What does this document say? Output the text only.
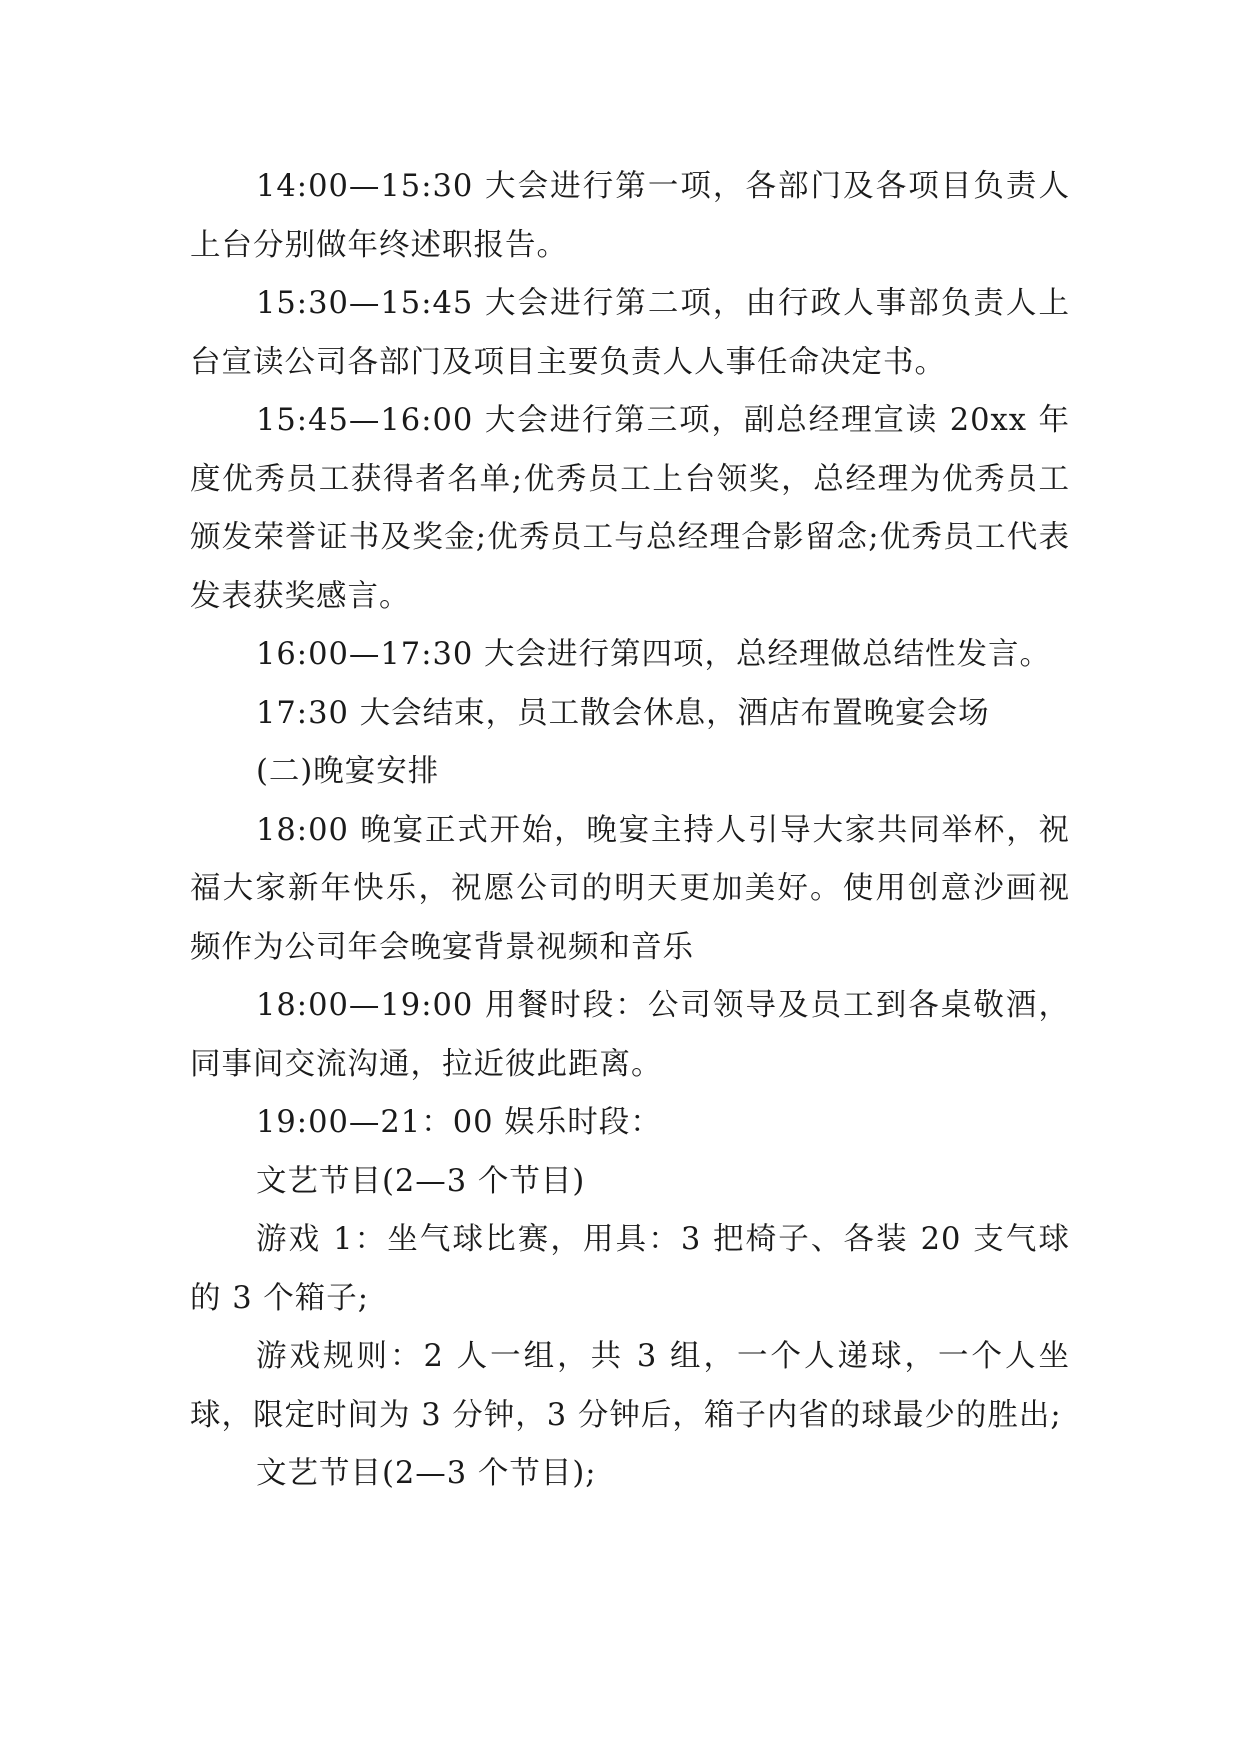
14:00—15:30 大会进行第一项，各部门及各项目负责人上台分别做年终述职报告。

15:30—15:45 大会进行第二项，由行政人事部负责人上台宣读公司各部门及项目主要负责人人事任命决定书。

15:45—16:00 大会进行第三项，副总经理宣读 20xx 年度优秀员工获得者名单;优秀员工上台领奖，总经理为优秀员工颁发荣誉证书及奖金;优秀员工与总经理合影留念;优秀员工代表发表获奖感言。

16:00—17:30 大会进行第四项，总经理做总结性发言。

17:30 大会结束，员工散会休息，酒店布置晚宴会场

(二)晚宴安排

18:00 晚宴正式开始，晚宴主持人引导大家共同举杯，祝福大家新年快乐，祝愿公司的明天更加美好。使用创意沙画视频作为公司年会晚宴背景视频和音乐

18:00—19:00 用餐时段：公司领导及员工到各桌敬酒，同事间交流沟通，拉近彼此距离。

19:00—21：00 娱乐时段：

文艺节目(2—3 个节目)

游戏 1：坐气球比赛，用具：3 把椅子、各装 20 支气球的 3 个箱子;

游戏规则：2 人一组，共 3 组，一个人递球，一个人坐球，限定时间为 3 分钟，3 分钟后，箱子内省的球最少的胜出;

文艺节目(2—3 个节目);
